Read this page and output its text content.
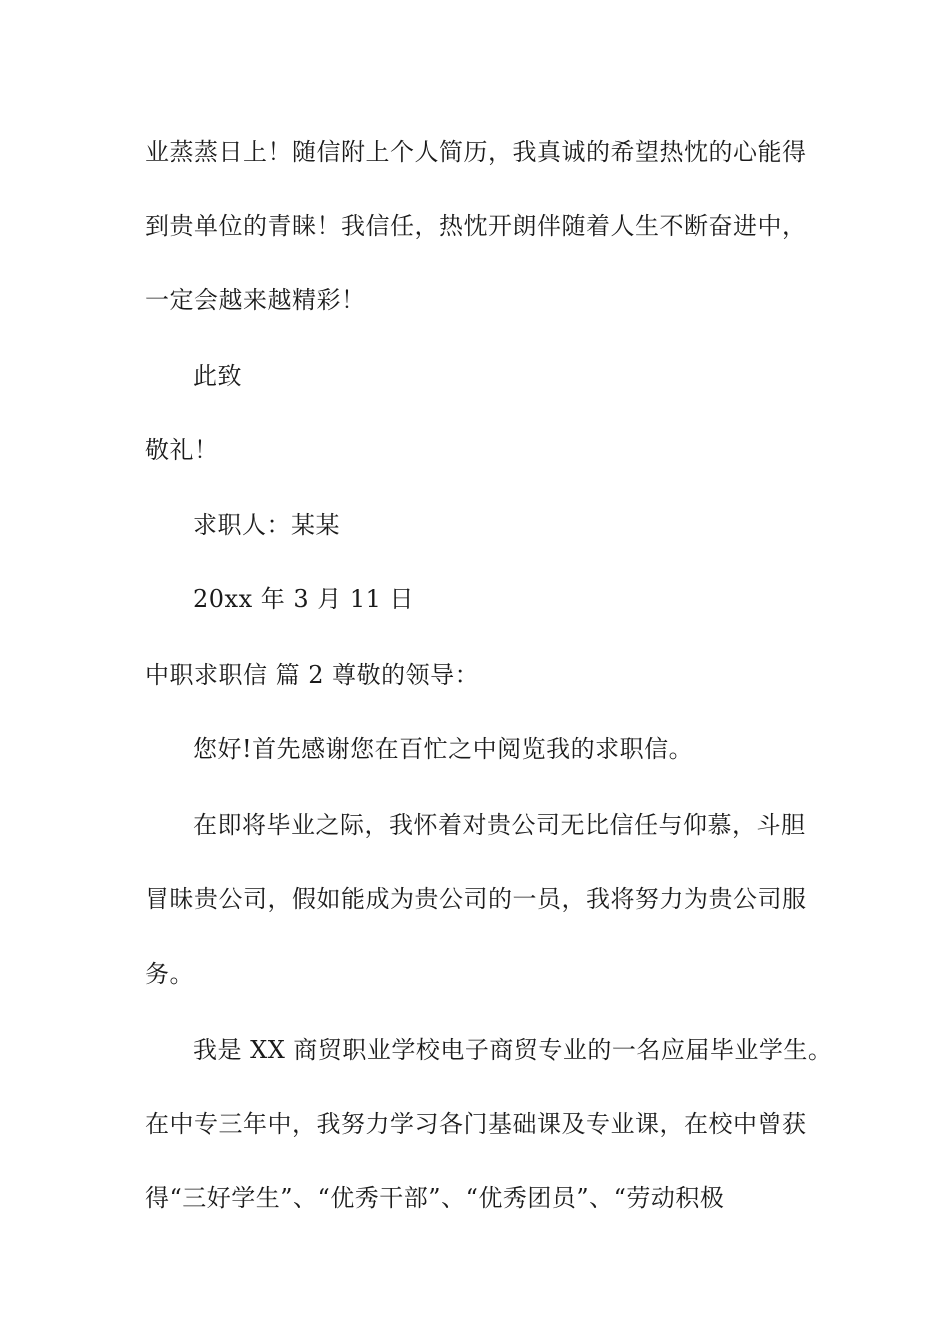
业蒸蒸日上！随信附上个人简历，我真诚的希望热忱的心能得
到贵单位的青睐！我信任，热忱开朗伴随着人生不断奋进中，
一定会越来越精彩！
此致
敬礼！
求职人：某某
20xx 年 3 月 11 日
中职求职信 篇 2 尊敬的领导：
您好!首先感谢您在百忙之中阅览我的求职信。
在即将毕业之际，我怀着对贵公司无比信任与仰慕，斗胆
冒昧贵公司，假如能成为贵公司的一员，我将努力为贵公司服
务。
我是 XX 商贸职业学校电子商贸专业的一名应届毕业学生。
在中专三年中，我努力学习各门基础课及专业课，在校中曾获
得“三好学生”、“优秀干部”、“优秀团员”、“劳动积极
